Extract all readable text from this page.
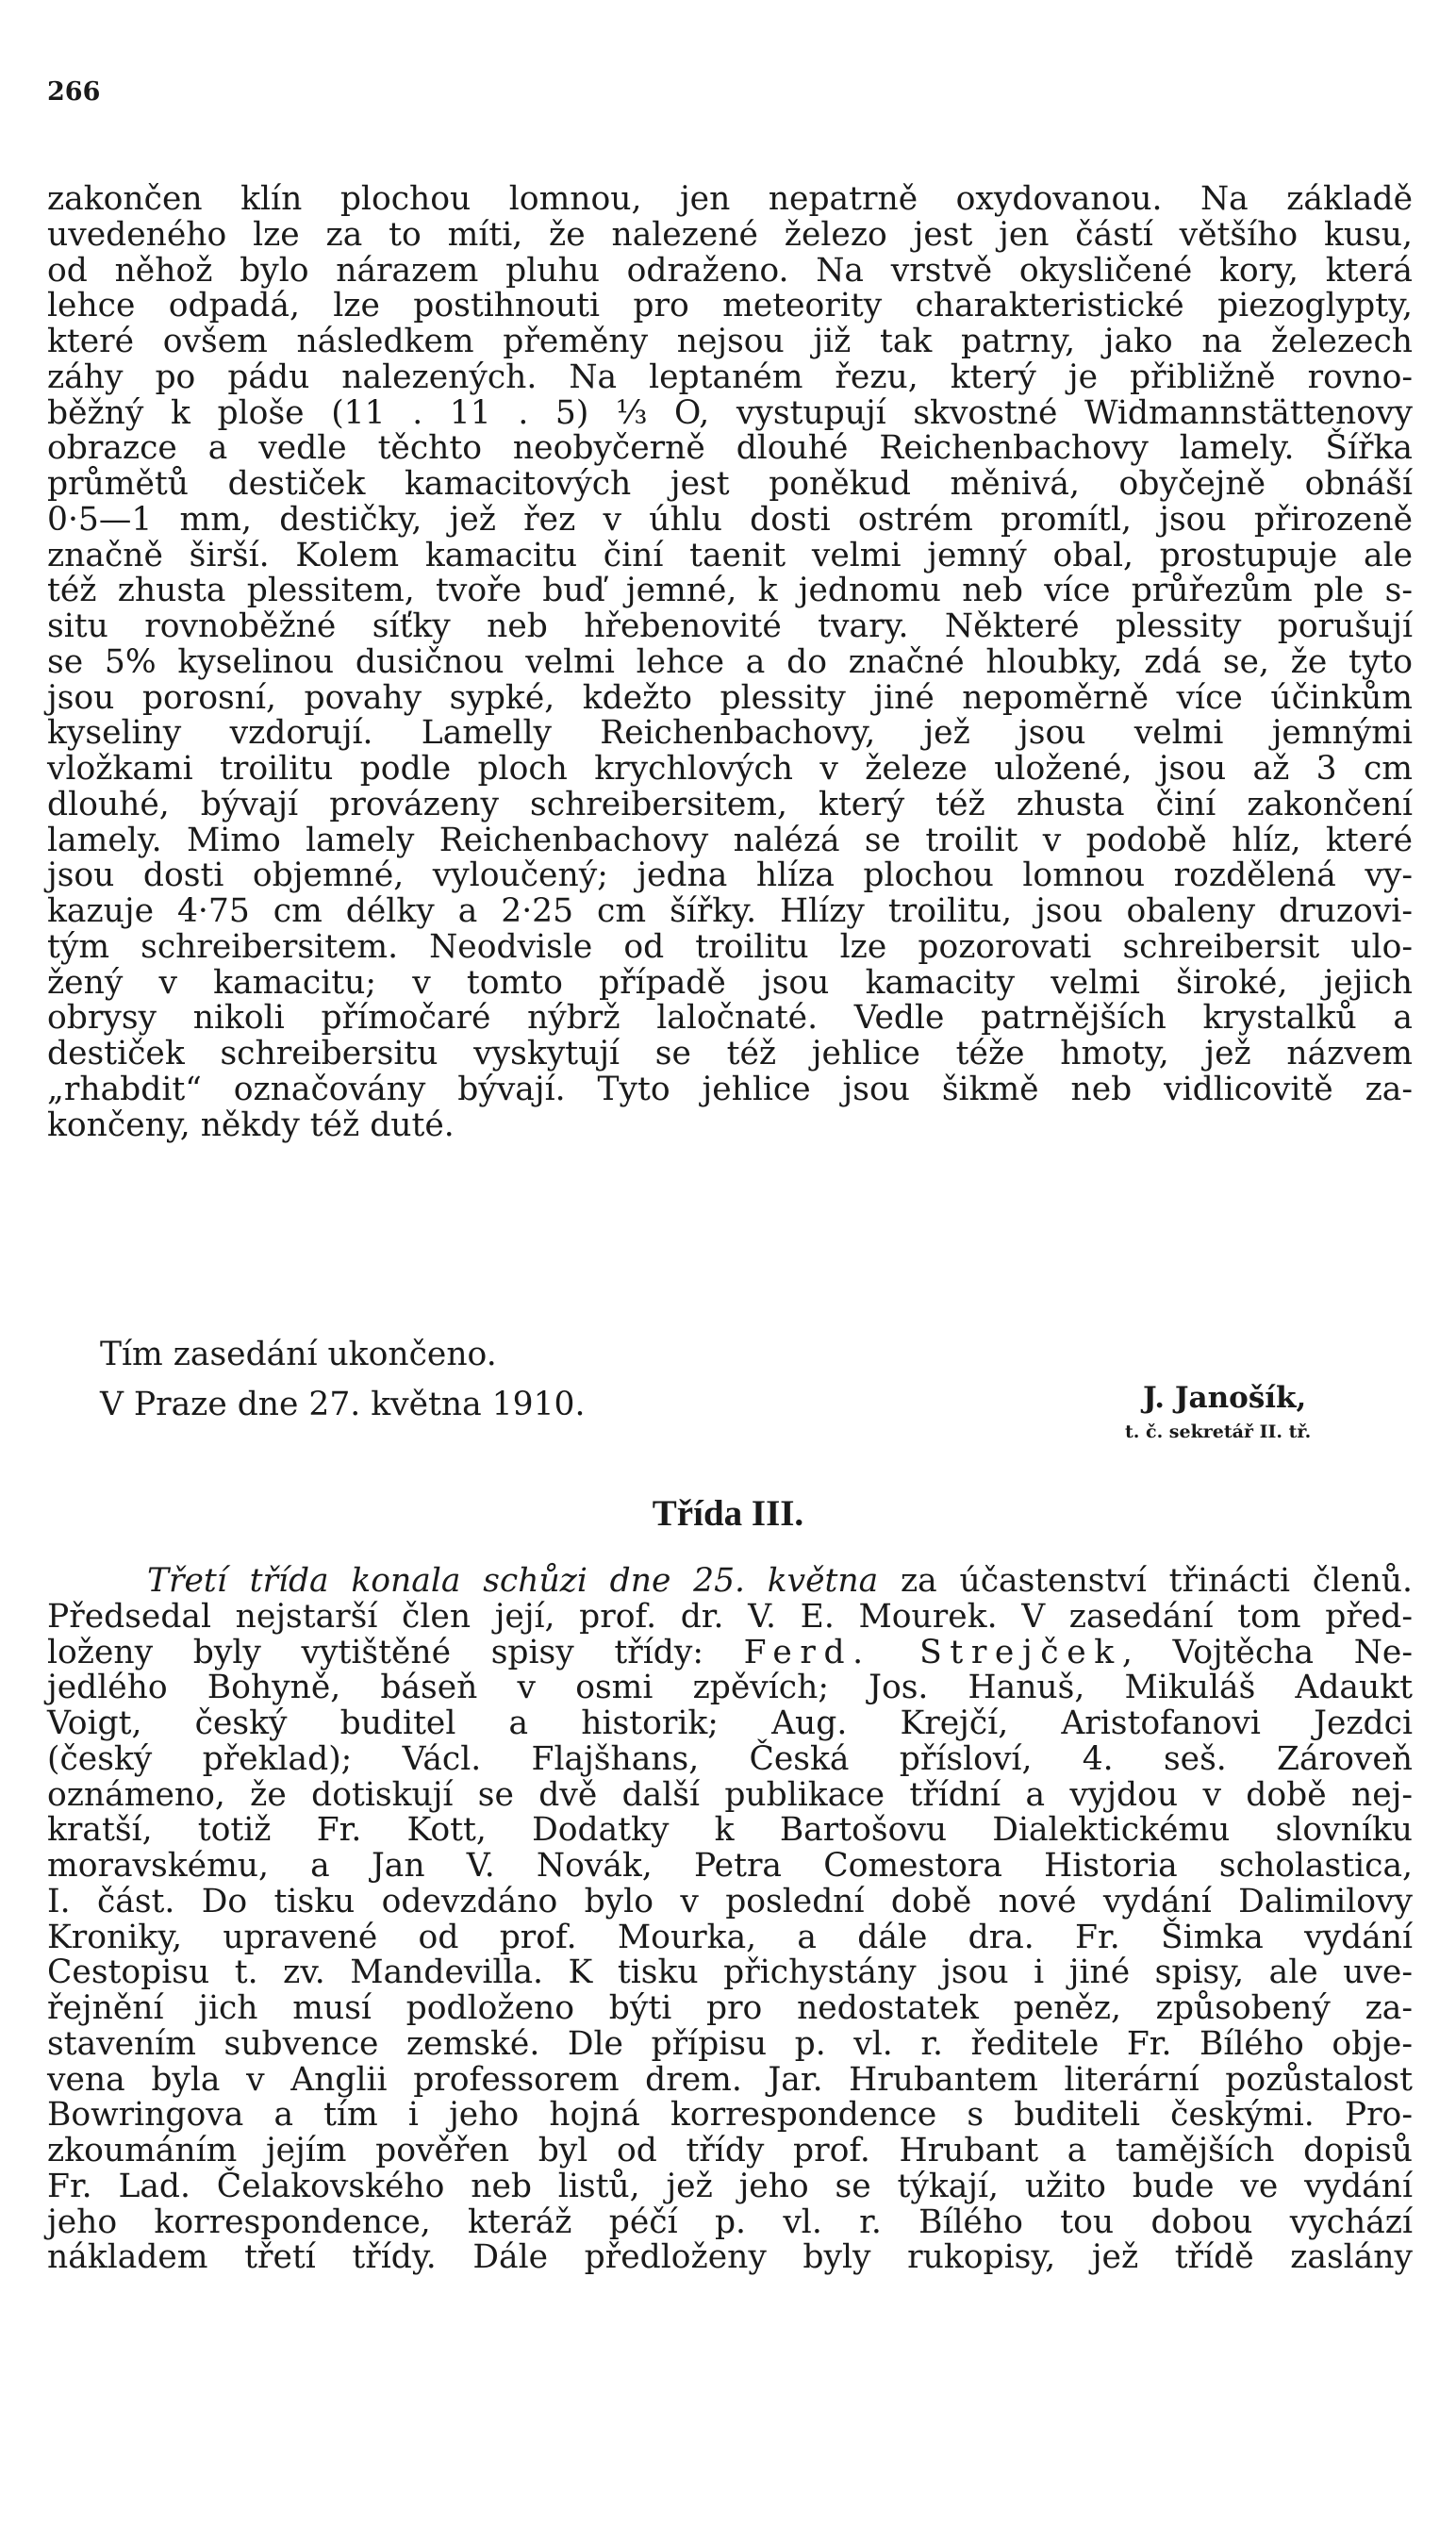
266
zakončen klín plochou lomnou, jen nepatrně oxydovanou. Na základě
uvedeného lze za to míti, že nalezené železo jest jen částí většího kusu,
od něhož bylo nárazem pluhu odraženo. Na vrstvě okysličené kory, která
lehce odpadá, lze postihnouti pro meteority charakteristické piezoglypty,
které ovšem následkem přeměny nejsou již tak patrny, jako na železech
záhy po pádu nalezených. Na leptaném řezu, který je přibližně rovno-
běžný k ploše (11 . 11 . 5) ⅓ O, vystupují skvostné Widmannstättenovy
obrazce a vedle těchto neobyčerně dlouhé Reichenbachovy lamely. Šířka
průmětů destiček kamacitových jest poněkud měnivá, obyčejně obnáší
0·5—1 mm, destičky, jež řez v úhlu dosti ostrém promítl, jsou přirozeně
značně širší. Kolem kamacitu činí taenit velmi jemný obal, prostupuje ale
též zhusta plessitem, tvoře buď jemné, k jednomu neb více průřezům ple s-
situ rovnoběžné síťky neb hřebenovité tvary. Některé plessity porušují
se 5% kyselinou dusičnou velmi lehce a do značné hloubky, zdá se, že tyto
jsou porosní, povahy sypké, kdežto plessity jiné nepoměrně více účinkům
kyseliny vzdorují. Lamelly Reichenbachovy, jež jsou velmi jemnými
vložkami troilitu podle ploch krychlových v železe uložené, jsou až 3 cm
dlouhé, bývají provázeny schreibersitem, který též zhusta činí zakončení
lamely. Mimo lamely Reichenbachovy nalézá se troilit v podobě hlíz, které
jsou dosti objemné, vyloučený; jedna hlíza plochou lomnou rozdělená vy-
kazuje 4·75 cm délky a 2·25 cm šířky. Hlízy troilitu, jsou obaleny druzovi-
tým schreibersitem. Neodvisle od troilitu lze pozorovati schreibersit ulo-
žený v kamacitu; v tomto případě jsou kamacity velmi široké, jejich
obrysy nikoli přímočaré nýbrž laločnaté. Vedle patrnějších krystalků a
destiček schreibersitu vyskytují se též jehlice téže hmoty, jež názvem
„rhabdit“ označovány bývají. Tyto jehlice jsou šikmě neb vidlicovitě za-
končeny, někdy též duté.
Tím zasedání ukončeno.
V Praze dne 27. května 1910.	J. Janošík,
t. č. sekretář II. tř.
Třída III.
Třetí třída konala schůzi dne 25. května za účastenství třinácti členů.
Předsedal nejstarší člen její, prof. dr. V. E. Mourek. V zasedání tom před-
loženy byly vytištěné spisy třídy: Ferd. Strejček, Vojtěcha Ne-
jedlého Bohyně, báseň v osmi zpěvích; Jos. Hanuš, Mikuláš Adaukt
Voigt, český buditel a historik; Aug. Krejčí, Aristofanovi Jezdci
(český překlad); Václ. Flajšhans, Česká přísloví, 4. seš. Zároveň
oznámeno, že dotiskují se dvě další publikace třídní a vyjdou v době nej-
kratší, totiž Fr. Kott, Dodatky k Bartošovu Dialektickému slovníku
moravskému, a Jan V. Novák, Petra Comestora Historia scholastica,
I. část. Do tisku odevzdáno bylo v poslední době nové vydání Dalimilovy
Kroniky, upravené od prof. Mourka, a dále dra. Fr. Šimka vydání
Cestopisu t. zv. Mandevilla. K tisku přichystány jsou i jiné spisy, ale uve-
řejnění jich musí podloženo býti pro nedostatek peněz, způsobený za-
stavením subvence zemské. Dle přípisu p. vl. r. ředitele Fr. Bílého obje-
vena byla v Anglii professorem drem. Jar. Hrubantem literární pozůstalost
Bowringova a tím i jeho hojná korrespondence s buditeli českými. Pro-
zkoumáním jejím pověřen byl od třídy prof. Hrubant a tamějších dopisů
Fr. Lad. Čelakovského neb listů, jež jeho se týkají, užito bude ve vydání
jeho korrespondence, kteráž péčí p. vl. r. Bílého tou dobou vychází
nákladem třetí třídy. Dále předloženy byly rukopisy, jež třídě zaslány
